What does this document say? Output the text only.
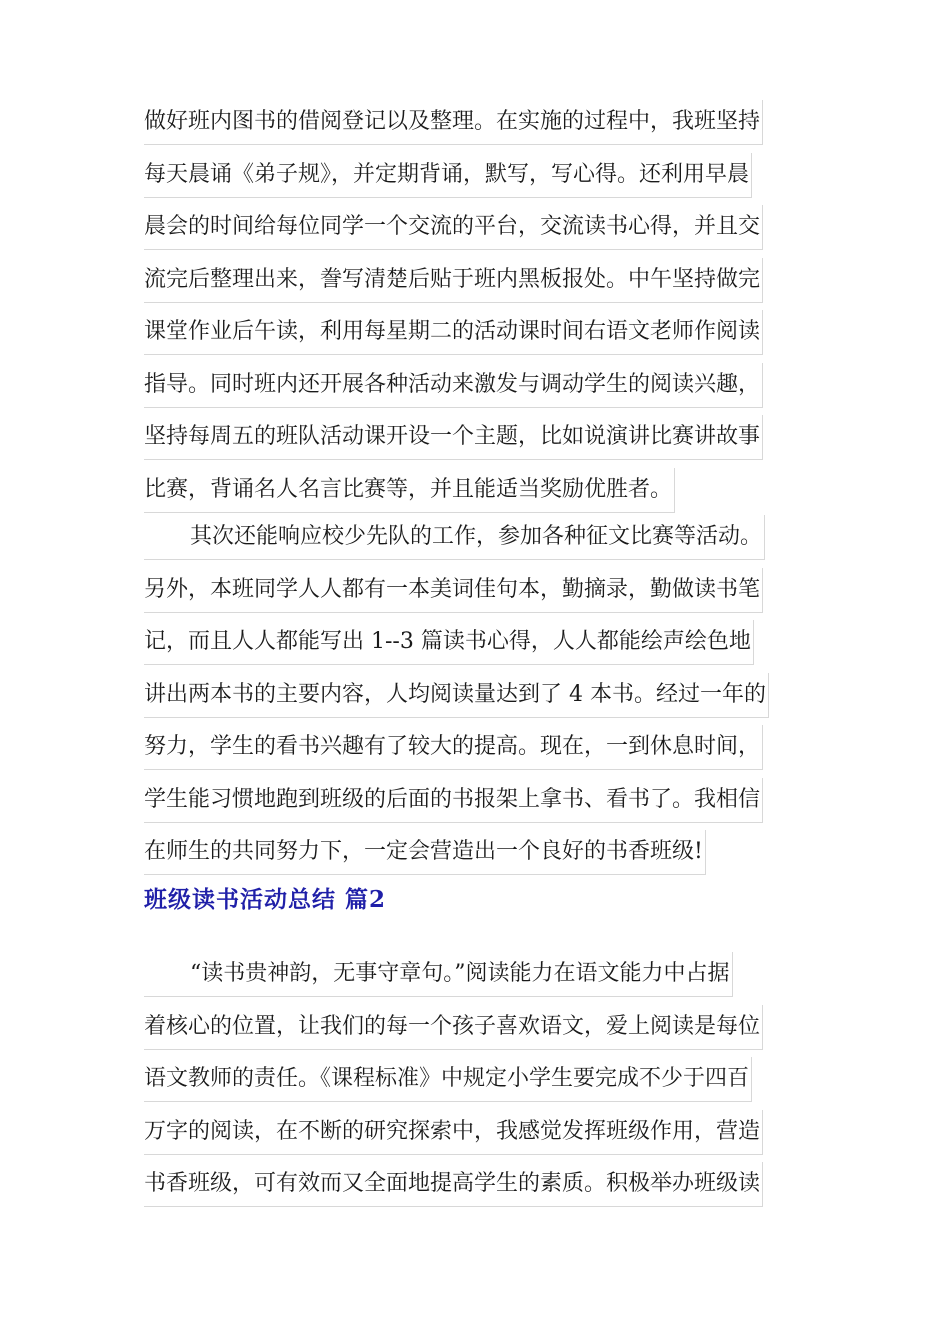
做好班内图书的借阅登记以及整理。在实施的过程中，我班坚持
每天晨诵《弟子规》，并定期背诵，默写，写心得。还利用早晨
晨会的时间给每位同学一个交流的平台，交流读书心得，并且交
流完后整理出来，誊写清楚后贴于班内黑板报处。中午坚持做完
课堂作业后午读，利用每星期二的活动课时间右语文老师作阅读
指导。同时班内还开展各种活动来激发与调动学生的阅读兴趣，
坚持每周五的班队活动课开设一个主题，比如说演讲比赛讲故事
比赛，背诵名人名言比赛等，并且能适当奖励优胜者。
其次还能响应校少先队的工作，参加各种征文比赛等活动。
另外，本班同学人人都有一本美词佳句本，勤摘录，勤做读书笔
记，而且人人都能写出 1--3 篇读书心得，人人都能绘声绘色地
讲出两本书的主要内容，人均阅读量达到了 4 本书。经过一年的
努力，学生的看书兴趣有了较大的提高。现在，一到休息时间，
学生能习惯地跑到班级的后面的书报架上拿书、看书了。我相信
在师生的共同努力下，一定会营造出一个良好的书香班级!
班级读书活动总结 篇2
“读书贵神韵，无事守章句。”阅读能力在语文能力中占据
着核心的位置，让我们的每一个孩子喜欢语文，爱上阅读是每位
语文教师的责任。《课程标准》中规定小学生要完成不少于四百
万字的阅读，在不断的研究探索中，我感觉发挥班级作用，营造
书香班级，可有效而又全面地提高学生的素质。积极举办班级读
